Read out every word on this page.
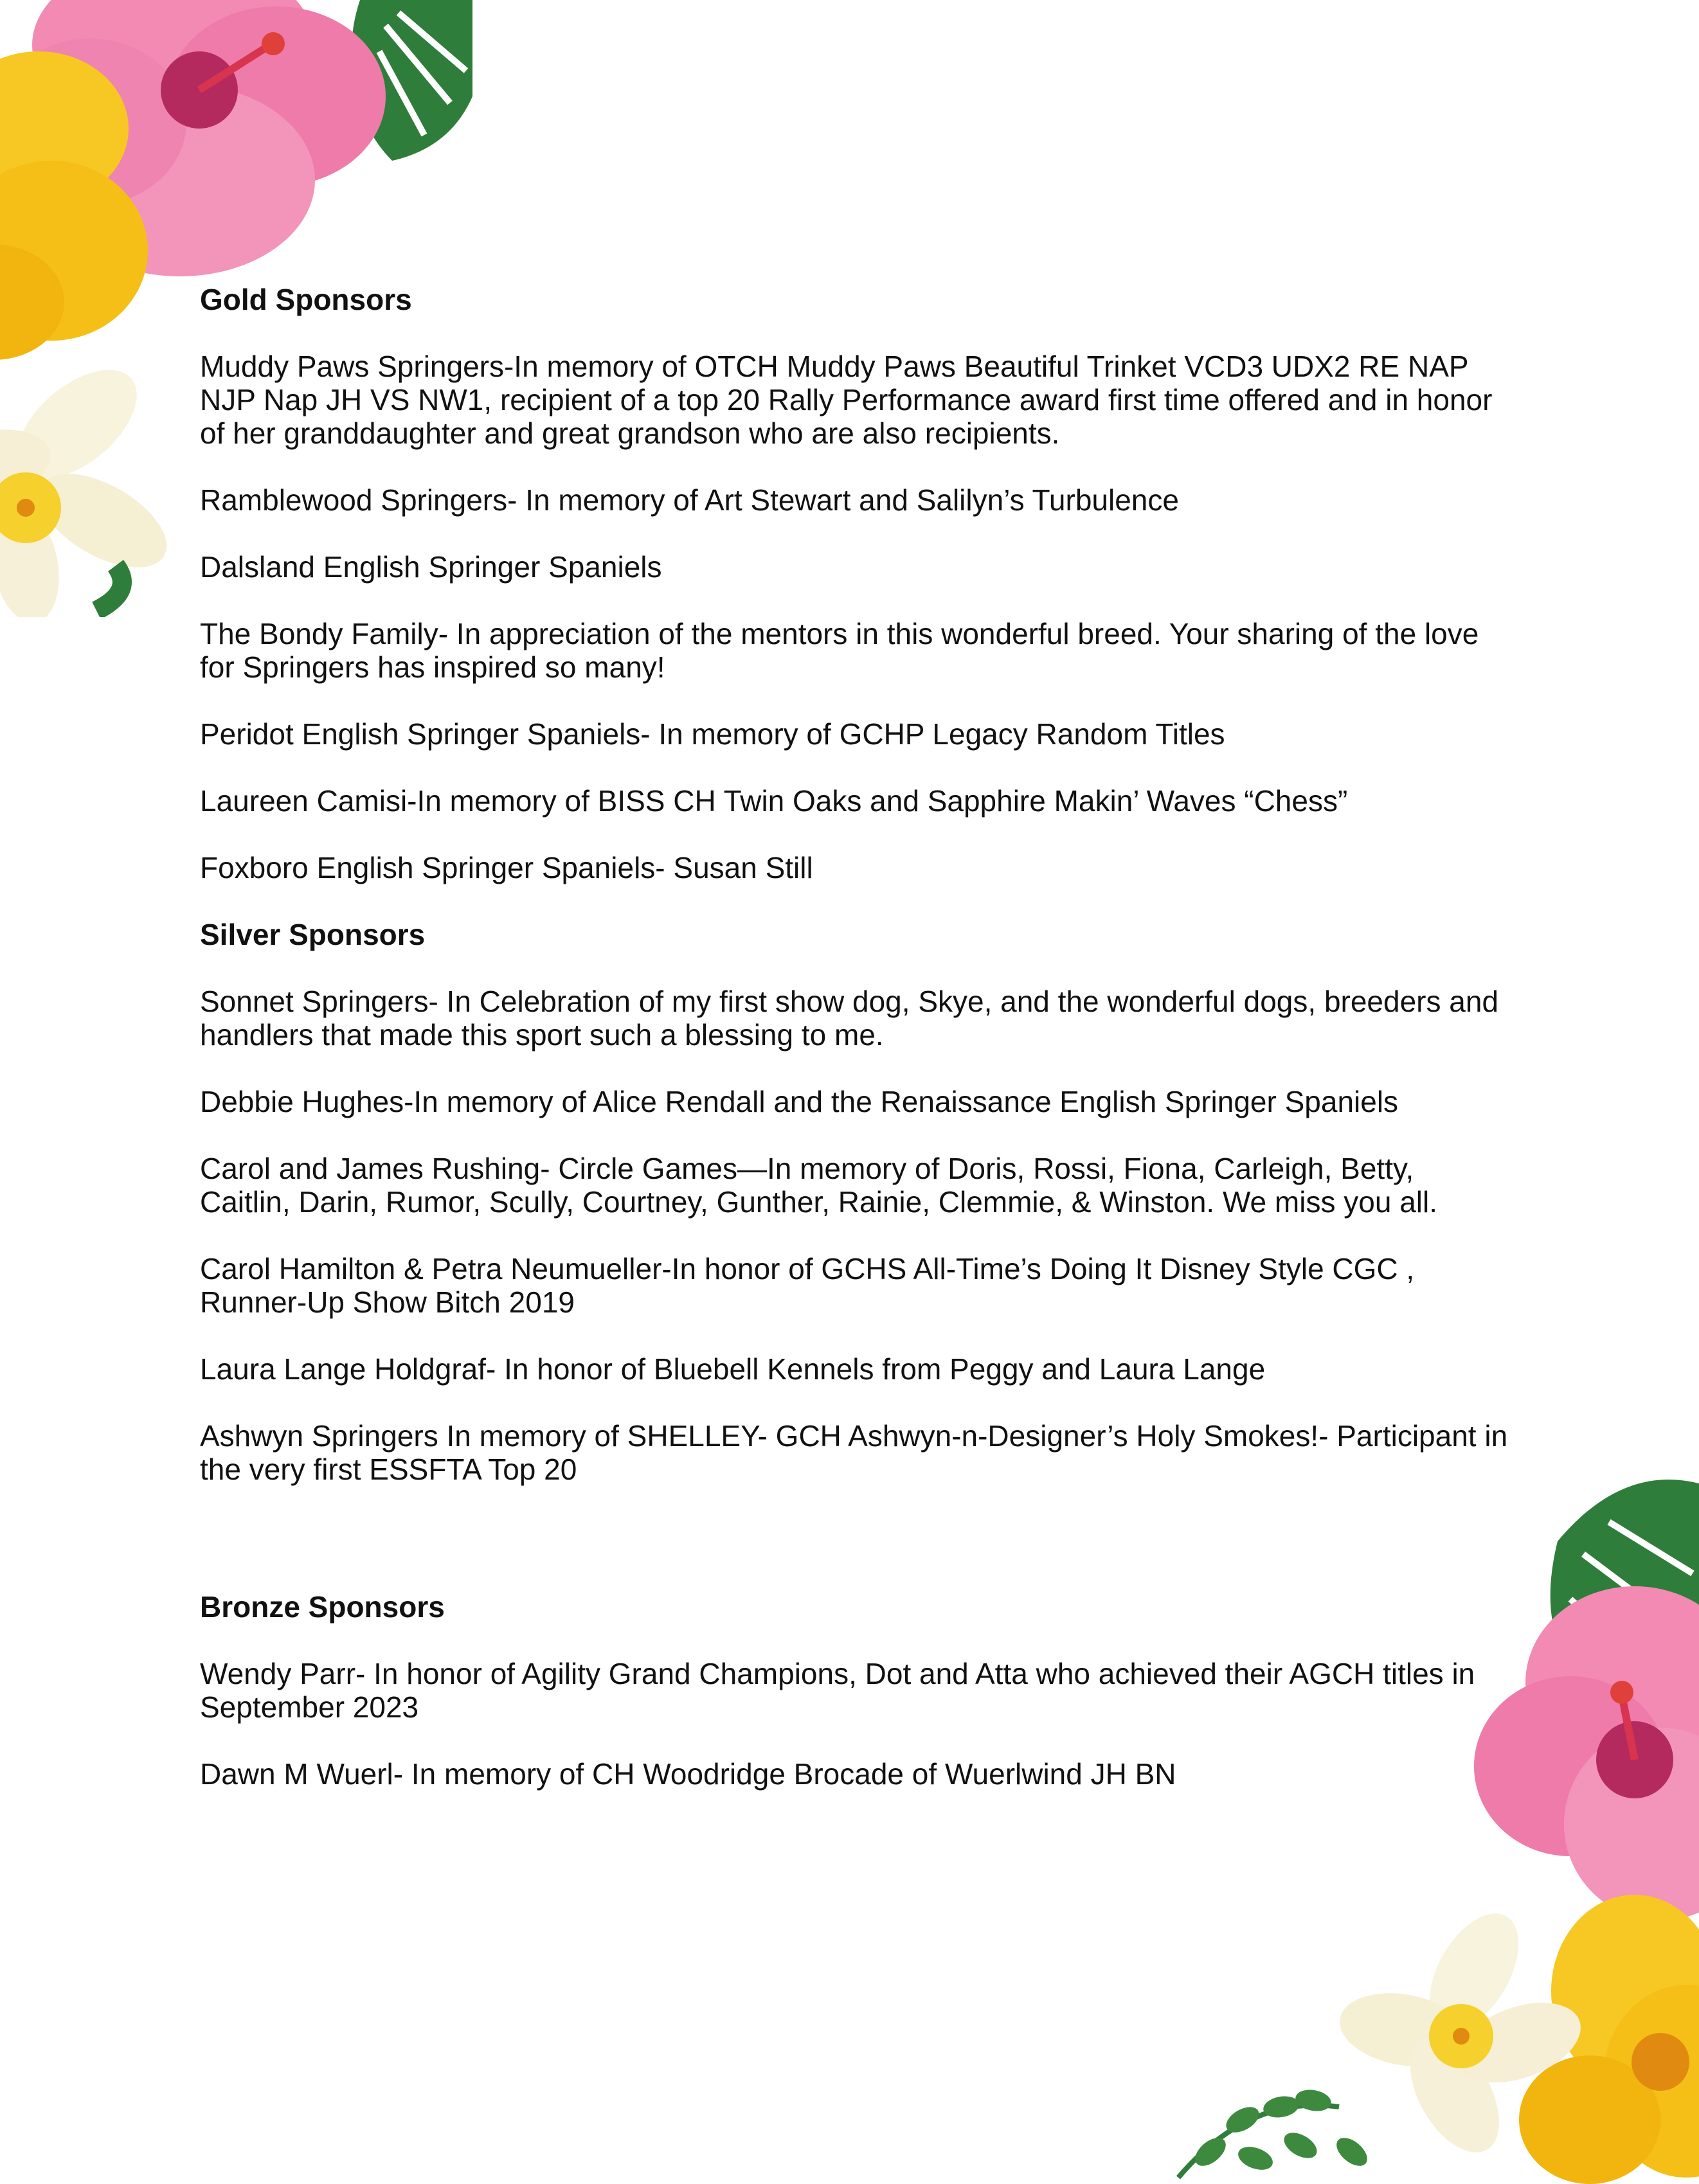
Gold Sponsors
Muddy Paws Springers-In memory of OTCH Muddy Paws Beautiful Trinket VCD3 UDX2 RE NAP NJP Nap JH VS NW1, recipient of a top 20 Rally Performance award first time offered and in honor of her granddaughter and great grandson who are also recipients.
Ramblewood Springers- In memory of Art Stewart and Salilyn’s Turbulence
Dalsland English Springer Spaniels
The Bondy Family- In appreciation of the mentors in this wonderful breed. Your sharing of the love for Springers has inspired so many!
Peridot English Springer Spaniels- In memory of GCHP Legacy Random Titles
Laureen Camisi-In memory of BISS CH Twin Oaks and Sapphire Makin’ Waves “Chess”
Foxboro English Springer Spaniels- Susan Still
Silver Sponsors
Sonnet Springers- In Celebration of my first show dog, Skye, and the wonderful dogs, breeders and handlers that made this sport such a blessing to me.
Debbie Hughes-In memory of Alice Rendall and the Renaissance English Springer Spaniels
Carol and James Rushing- Circle Games—In memory of Doris, Rossi, Fiona, Carleigh, Betty, Caitlin, Darin, Rumor, Scully, Courtney, Gunther, Rainie, Clemmie, & Winston. We miss you all.
Carol Hamilton & Petra Neumueller-In honor of GCHS All-Time’s Doing It Disney Style CGC , Runner-Up Show Bitch 2019
Laura Lange Holdgraf- In honor of Bluebell Kennels from Peggy and Laura Lange
Ashwyn Springers In memory of SHELLEY- GCH Ashwyn-n-Designer’s Holy Smokes!- Participant in the very first ESSFTA Top 20
Bronze Sponsors
Wendy Parr- In honor of Agility Grand Champions, Dot and Atta who achieved their AGCH titles in September 2023
Dawn M Wuerl- In memory of CH Woodridge Brocade of Wuerlwind JH BN
